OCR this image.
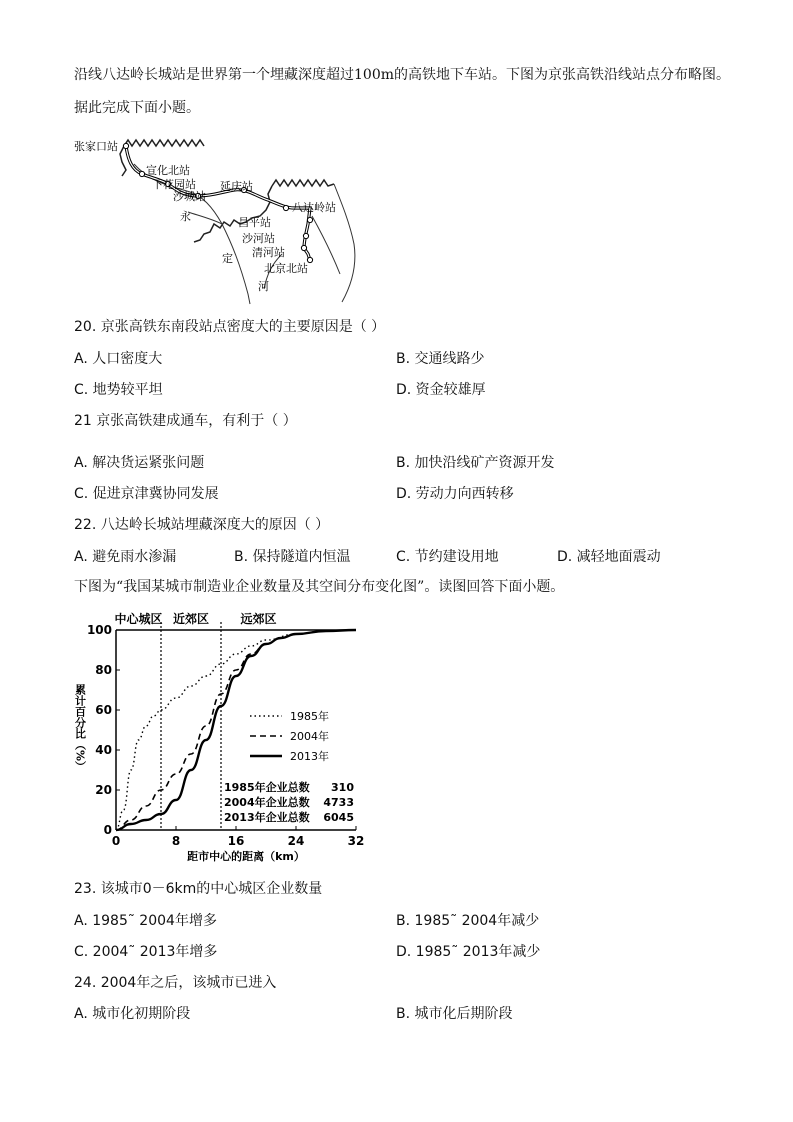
沿线八达岭长城站是世界第一个埋藏深度超过100m的高铁地下车站。下图为京张高铁沿线站点分布略图。
据此完成下面小题。
张家口站
宣化北站
下花园站
沙城站
延庆站
八达岭站
昌平站
沙河站
清河站
北京北站
永
定
河
20. 京张高铁东南段站点密度大的主要原因是（ ）
A. 人口密度大	B. 交通线路少
C. 地势较平坦	D. 资金较雄厚
21 京张高铁建成通车，有利于（ ）
A. 解决货运紧张问题	B. 加快沿线矿产资源开发
C. 促进京津冀协同发展	D. 劳动力向西转移
22. 八达岭长城站埋藏深度大的原因（ ）
A. 避免雨水渗漏	B. 保持隧道内恒温	C. 节约建设用地	D. 减轻地面震动
下图为“我国某城市制造业企业数量及其空间分布变化图”。读图回答下面小题。
中心城区 近郊区	远郊区
0
20
40
60
80
100
0	8	16	24	32
距市中心的距离（km）
累计百分比（%）	1985年
2004年
2013年
1985年企业总数 310
2004年企业总数 4733
2013年企业总数 6045
23. 该城市0－6km的中心城区企业数量
A. 1985˜ 2004年增多	B. 1985˜ 2004年减少
C. 2004˜ 2013年增多	D. 1985˜ 2013年减少
24. 2004年之后，该城市已进入
A. 城市化初期阶段	B. 城市化后期阶段
